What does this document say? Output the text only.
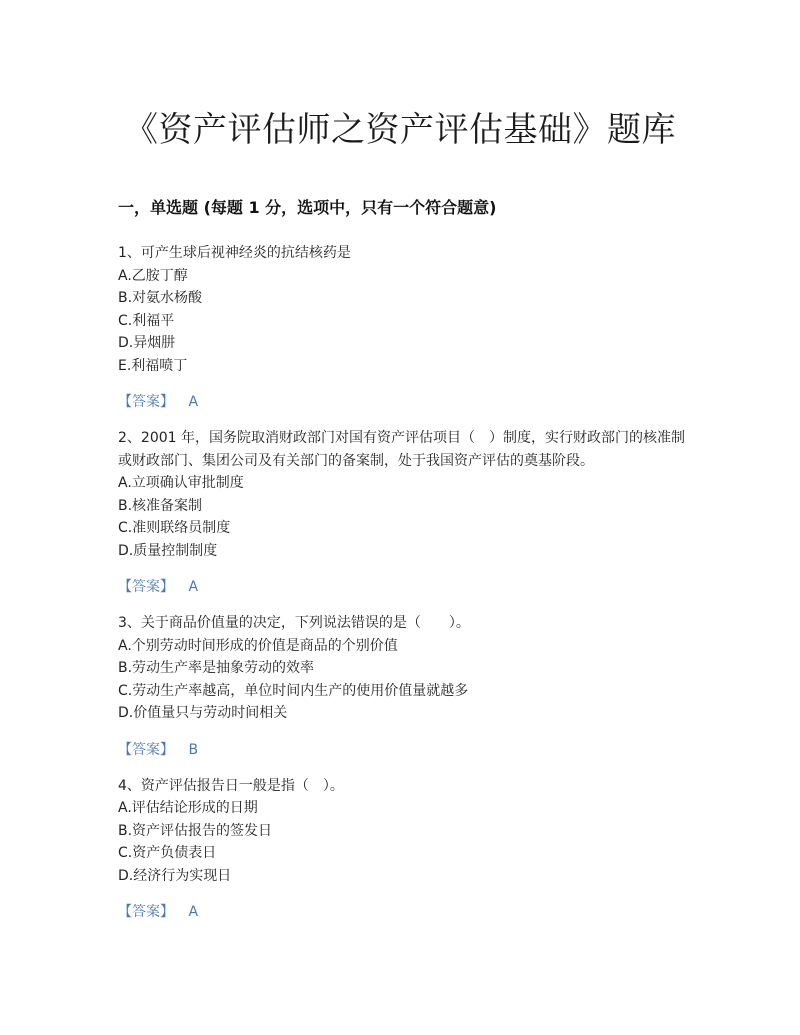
《资产评估师之资产评估基础》题库
一，单选题 (每题 1 分，选项中，只有一个符合题意)

1、可产生球后视神经炎的抗结核药是

A.乙胺丁醇

B.对氨水杨酸

C.利福平

D.异烟肼

E.利福喷丁

【答案】 A

2、2001 年，国务院取消财政部门对国有资产评估项目（　）制度，实行财政部门的核准制或财政部门、集团公司及有关部门的备案制，处于我国资产评估的奠基阶段。

A.立项确认审批制度

B.核准备案制

C.准则联络员制度

D.质量控制制度

【答案】 A

3、关于商品价值量的决定，下列说法错误的是（　　）。

A.个别劳动时间形成的价值是商品的个别价值

B.劳动生产率是抽象劳动的效率

C.劳动生产率越高，单位时间内生产的使用价值量就越多

D.价值量只与劳动时间相关

【答案】 B

4、资产评估报告日一般是指（　）。

A.评估结论形成的日期

B.资产评估报告的签发日

C.资产负债表日

D.经济行为实现日

【答案】 A
